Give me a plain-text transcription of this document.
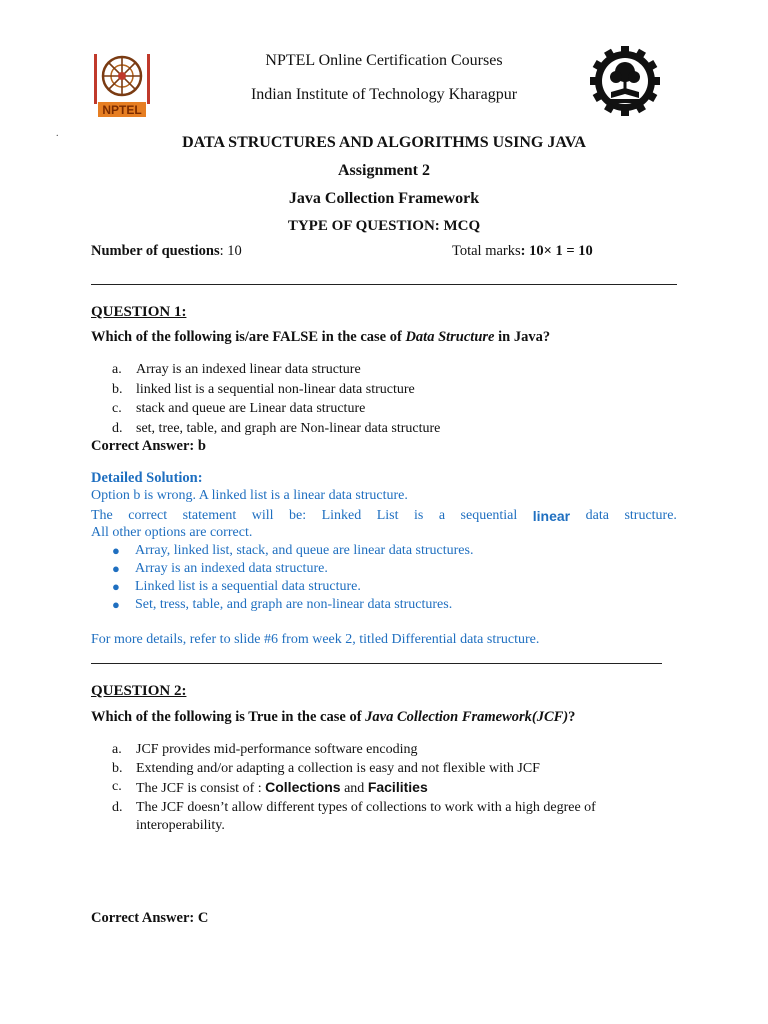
NPTEL
NPTEL Online Certification Courses
Indian Institute of Technology Kharagpur
.
DATA STRUCTURES AND ALGORITHMS USING JAVA
Assignment 2
Java Collection Framework
TYPE OF QUESTION: MCQ
Number of questions: 10	Total marks: 10× 1 = 10
QUESTION 1:
Which of the following is/are FALSE in the case of Data Structure in Java?
a. Array is an indexed linear data structure
b. linked list is a sequential non-linear data structure
c. stack and queue are Linear data structure
d. set, tree, table, and graph are Non-linear data structure
Correct Answer: b
Detailed Solution:
Option b is wrong. A linked list is a linear data structure.
The correct statement will be: Linked List is a sequential linear data structure.
All other options are correct.
● Array, linked list, stack, and queue are linear data structures.
● Array is an indexed data structure.
● Linked list is a sequential data structure.
● Set, tress, table, and graph are non-linear data structures.
For more details, refer to slide #6 from week 2, titled Differential data structure.
QUESTION 2:
Which of the following is True in the case of Java Collection Framework(JCF)?
a. JCF provides mid-performance software encoding
b. Extending and/or adapting a collection is easy and not flexible with JCF
c. The JCF is consist of : Collections and Facilities
d. The JCF doesn’t allow different types of collections to work with a high degree of interoperability.
Correct Answer: C
